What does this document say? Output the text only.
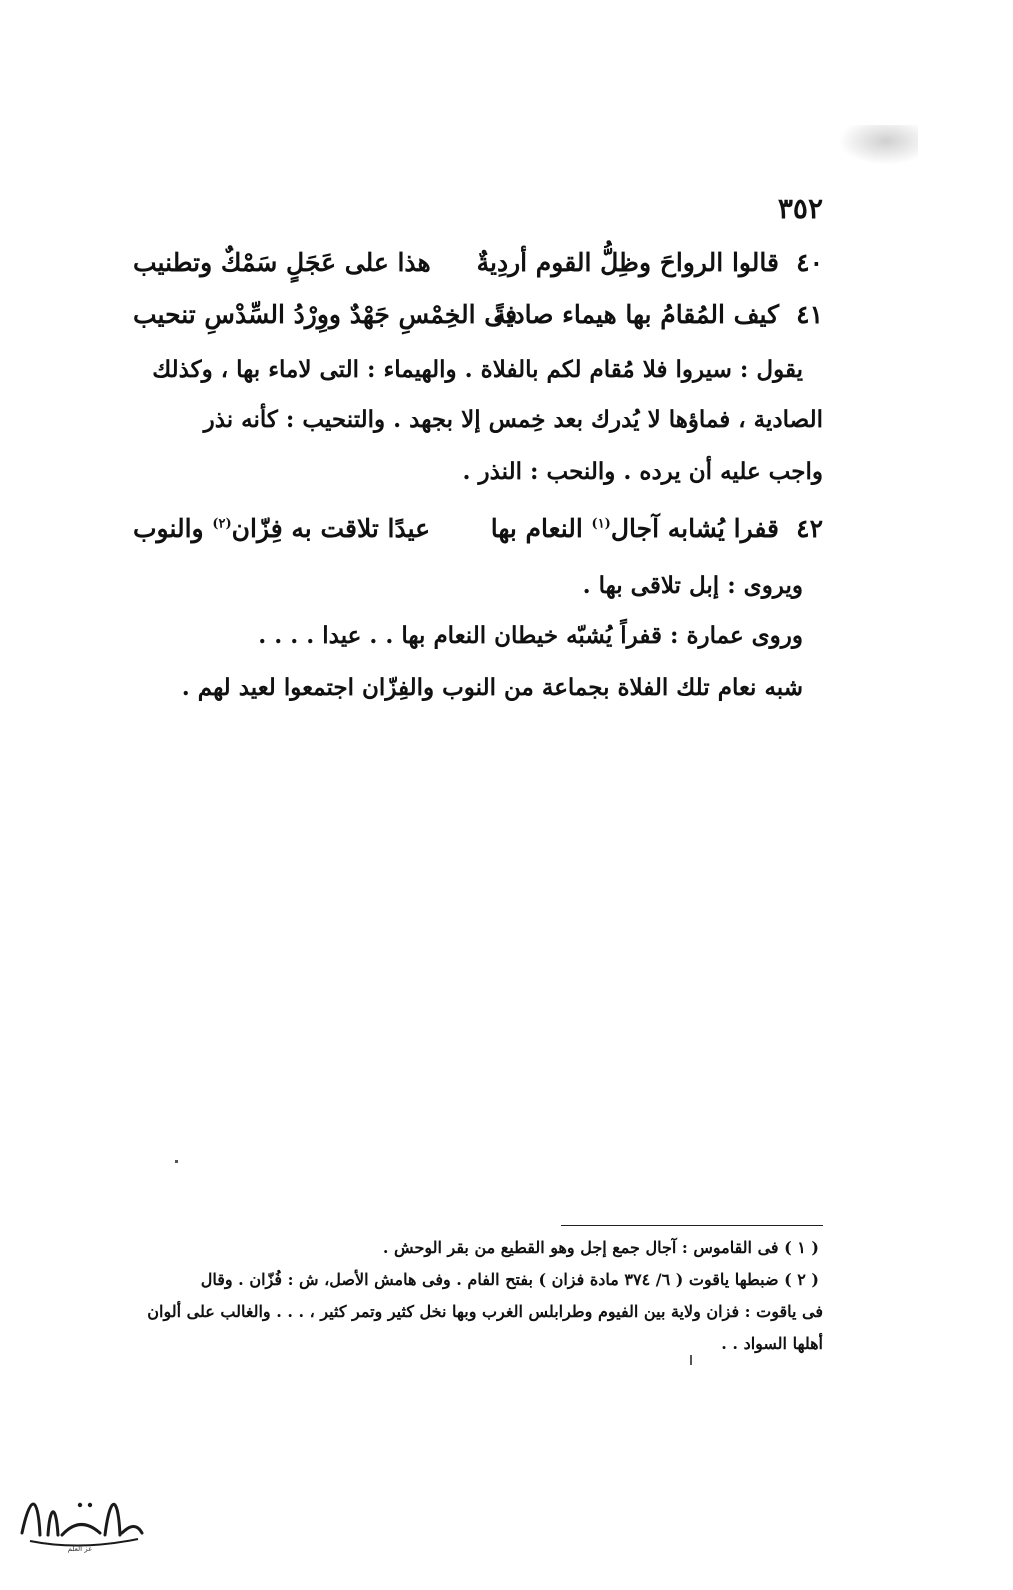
٣٥٢
٤٠
قالوا الرواحَ وظِلُّ القوم أردِيةٌ
هذا على عَجَلٍ سَمْكٌ وتطنيب
٤١
كيف المُقامُ بها هيماء صاديةً
فى الخِمْسِ جَهْدٌ ووِرْدُ السِّدْسِ تنحيب
يقول : سيروا فلا مُقام لكم بالفلاة . والهيماء : التى لاماء بها ، وكذلك
الصادية ، فماؤها لا يُدرك بعد خِمس إلا بجهد . والتنحيب : كأنه نذر
واجب عليه أن يرده . والنحب : النذر .
٤٢
قفرا يُشابه آجال$^{(١)}$ النعام بها
عيدًا تلاقت به فِزّان$^{(٢)}$ والنوب
ويروى : إبل تلاقى بها .
وروى عمارة : قفراً يُشبّه خيطان النعام بها . . عيدا . . . .
شبه نعام تلك الفلاة بجماعة من النوب والفِزّان اجتمعوا لعيد لهم .
( ١ ) فى القاموس : آجال جمع إجل وهو القطيع من بقر الوحش .
( ٢ ) ضبطها ياقوت ( ٦/ ٣٧٤ مادة فزان ) بفتح الفام . وفى هامش الأصل، ش : فُزّان . وقال
فى ياقوت : فزان ولاية بين الفيوم وطرابلس الغرب وبها نخل كثير وتمر كثير ، . . . والغالب على ألوان
أهلها السواد . .
عز العلم
